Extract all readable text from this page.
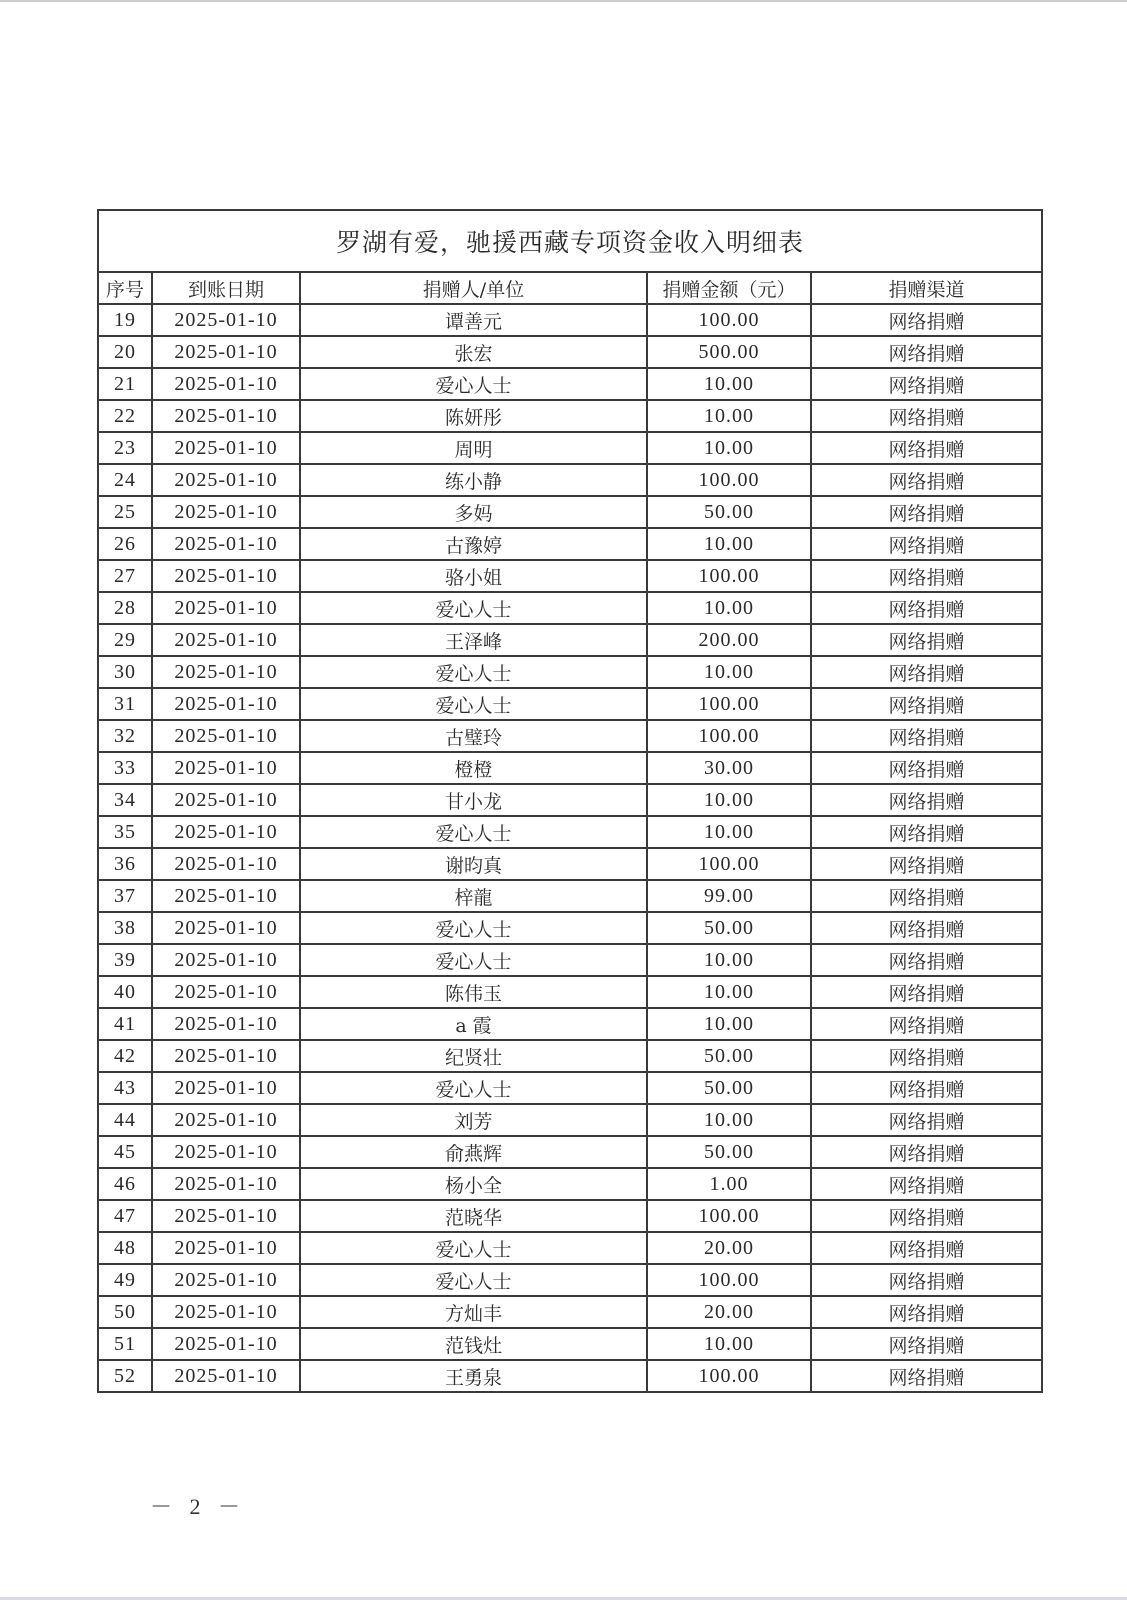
罗湖有爱，驰援西藏专项资金收入明细表				
序号	到账日期	捐赠人/单位	捐赠金额（元）	捐赠渠道
19	2025-01-10	谭善元	100.00	网络捐赠
20	2025-01-10	张宏	500.00	网络捐赠
21	2025-01-10	爱心人士	10.00	网络捐赠
22	2025-01-10	陈妍彤	10.00	网络捐赠
23	2025-01-10	周明	10.00	网络捐赠
24	2025-01-10	练小静	100.00	网络捐赠
25	2025-01-10	多妈	50.00	网络捐赠
26	2025-01-10	古豫婷	10.00	网络捐赠
27	2025-01-10	骆小姐	100.00	网络捐赠
28	2025-01-10	爱心人士	10.00	网络捐赠
29	2025-01-10	王泽峰	200.00	网络捐赠
30	2025-01-10	爱心人士	10.00	网络捐赠
31	2025-01-10	爱心人士	100.00	网络捐赠
32	2025-01-10	古璧玲	100.00	网络捐赠
33	2025-01-10	橙橙	30.00	网络捐赠
34	2025-01-10	甘小龙	10.00	网络捐赠
35	2025-01-10	爱心人士	10.00	网络捐赠
36	2025-01-10	谢昀真	100.00	网络捐赠
37	2025-01-10	梓龍	99.00	网络捐赠
38	2025-01-10	爱心人士	50.00	网络捐赠
39	2025-01-10	爱心人士	10.00	网络捐赠
40	2025-01-10	陈伟玉	10.00	网络捐赠
41	2025-01-10	a 霞	10.00	网络捐赠
42	2025-01-10	纪贤壮	50.00	网络捐赠
43	2025-01-10	爱心人士	50.00	网络捐赠
44	2025-01-10	刘芳	10.00	网络捐赠
45	2025-01-10	俞燕辉	50.00	网络捐赠
46	2025-01-10	杨小全	1.00	网络捐赠
47	2025-01-10	范晓华	100.00	网络捐赠
48	2025-01-10	爱心人士	20.00	网络捐赠
49	2025-01-10	爱心人士	100.00	网络捐赠
50	2025-01-10	方灿丰	20.00	网络捐赠
51	2025-01-10	范钱灶	10.00	网络捐赠
52	2025-01-10	王勇泉	100.00	网络捐赠
－ 2 －
